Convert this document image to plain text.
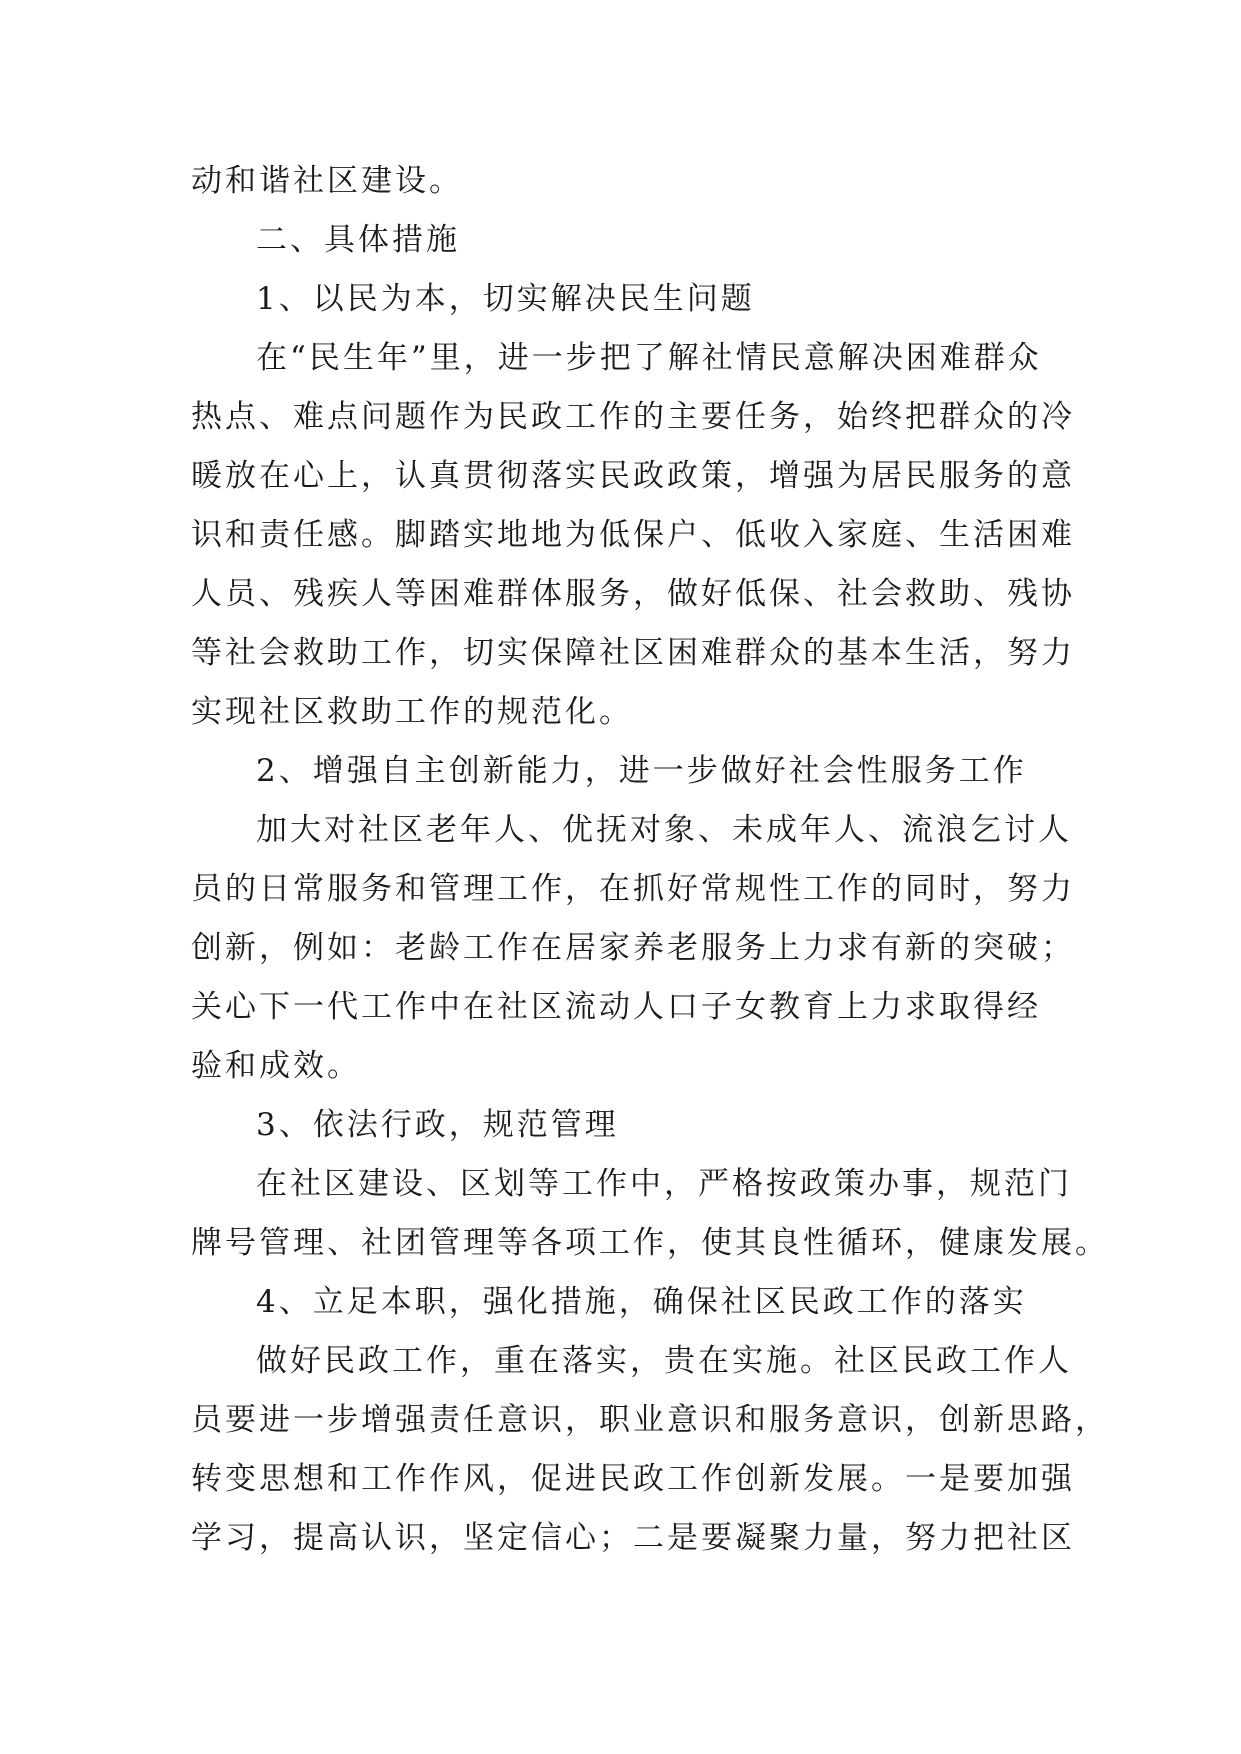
动和谐社区建设。
二、具体措施
1、以民为本，切实解决民生问题
在“民生年”里，进一步把了解社情民意解决困难群众
热点、难点问题作为民政工作的主要任务，始终把群众的冷
暖放在心上，认真贯彻落实民政政策，增强为居民服务的意
识和责任感。脚踏实地地为低保户、低收入家庭、生活困难
人员、残疾人等困难群体服务，做好低保、社会救助、残协
等社会救助工作，切实保障社区困难群众的基本生活，努力
实现社区救助工作的规范化。
2、增强自主创新能力，进一步做好社会性服务工作
加大对社区老年人、优抚对象、未成年人、流浪乞讨人
员的日常服务和管理工作，在抓好常规性工作的同时，努力
创新，例如：老龄工作在居家养老服务上力求有新的突破；
关心下一代工作中在社区流动人口子女教育上力求取得经
验和成效。
3、依法行政，规范管理
在社区建设、区划等工作中，严格按政策办事，规范门
牌号管理、社团管理等各项工作，使其良性循环，健康发展。
4、立足本职，强化措施，确保社区民政工作的落实
做好民政工作，重在落实，贵在实施。社区民政工作人
员要进一步增强责任意识，职业意识和服务意识，创新思路，
转变思想和工作作风，促进民政工作创新发展。一是要加强
学习，提高认识，坚定信心；二是要凝聚力量，努力把社区
